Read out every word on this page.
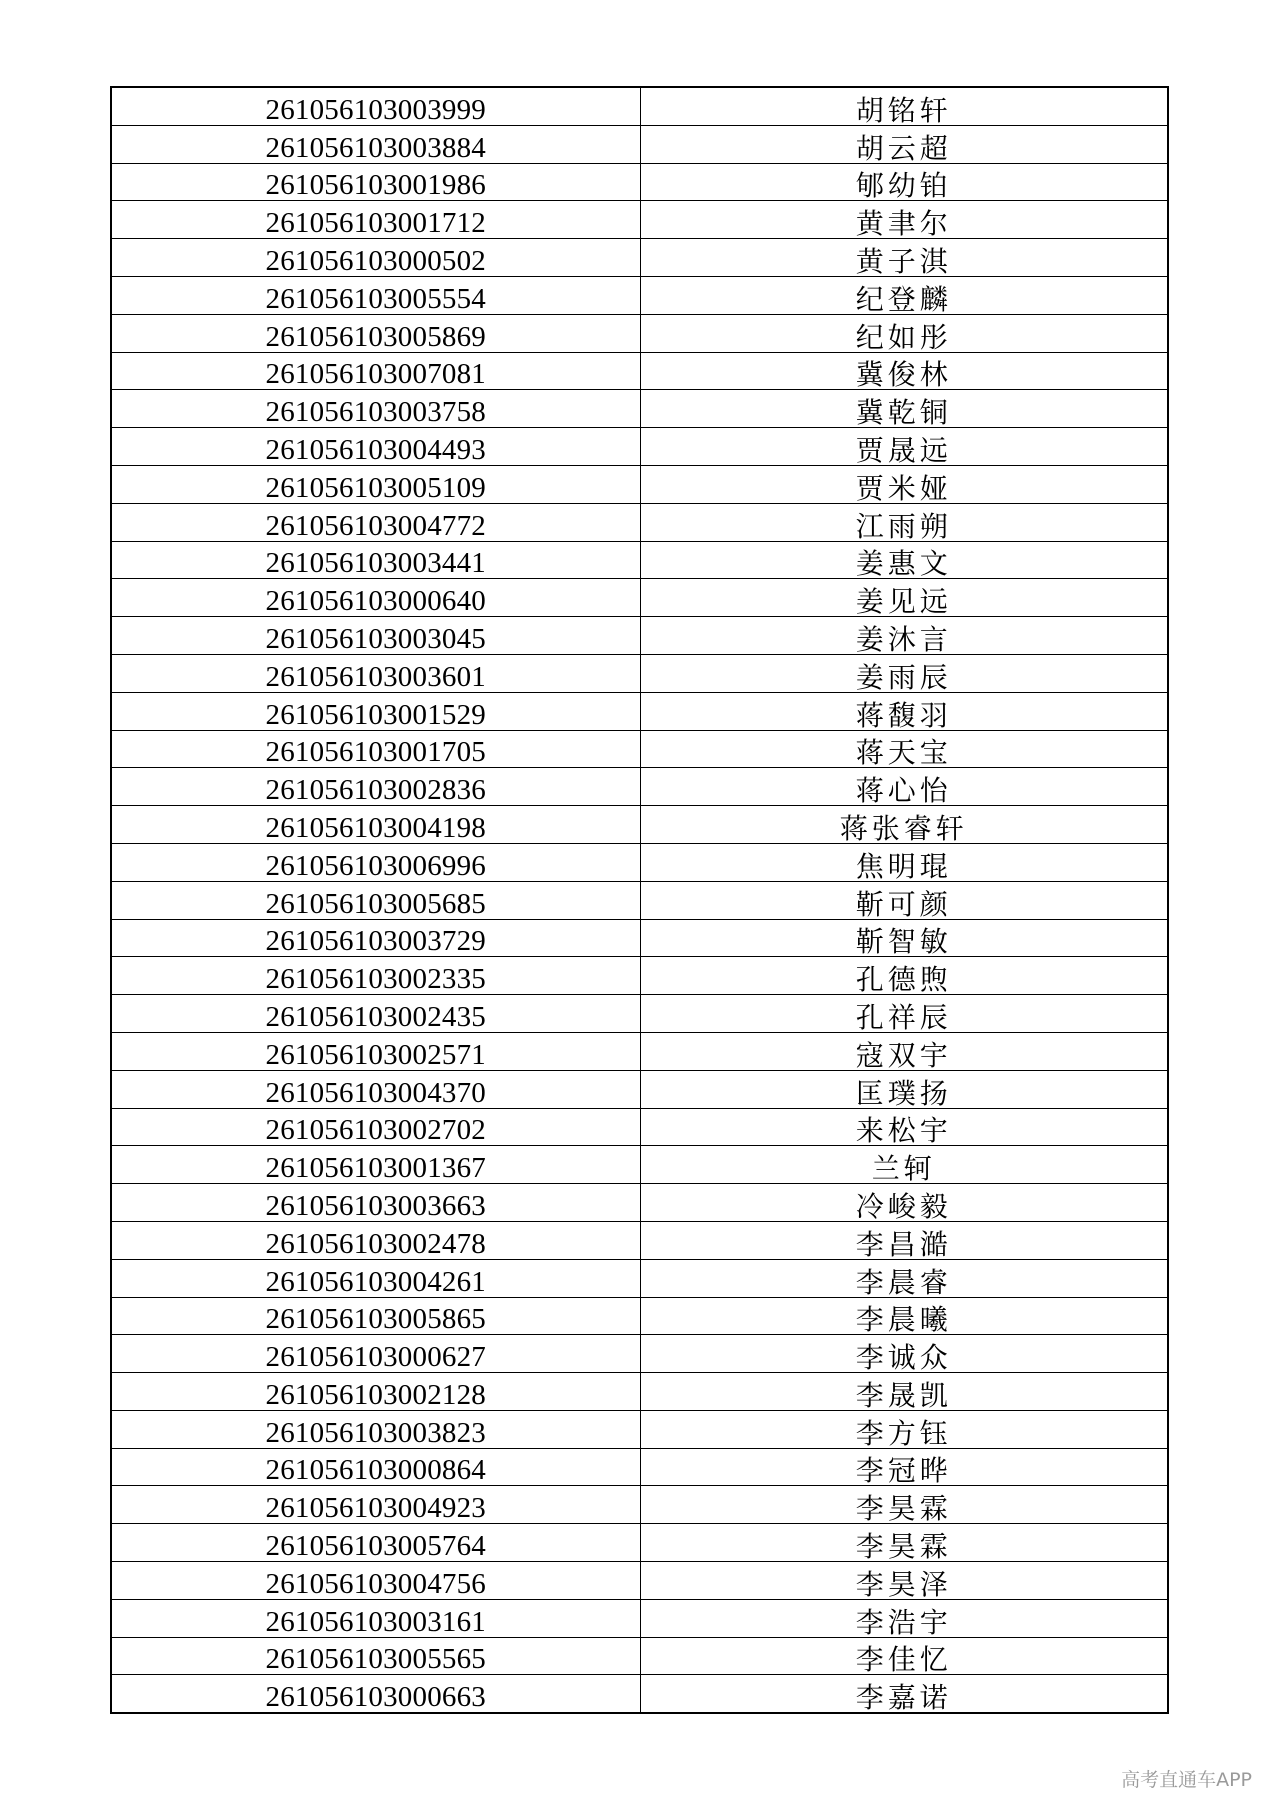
261056103003999	胡铭轩
261056103003884	胡云超
261056103001986	郇幼铂
261056103001712	黄聿尔
261056103000502	黄子淇
261056103005554	纪登麟
261056103005869	纪如彤
261056103007081	冀俊林
261056103003758	冀乾铜
261056103004493	贾晟远
261056103005109	贾米娅
261056103004772	江雨朔
261056103003441	姜惠文
261056103000640	姜见远
261056103003045	姜沐言
261056103003601	姜雨辰
261056103001529	蒋馥羽
261056103001705	蒋天宝
261056103002836	蒋心怡
261056103004198	蒋张睿轩
261056103006996	焦明琨
261056103005685	靳可颜
261056103003729	靳智敏
261056103002335	孔德煦
261056103002435	孔祥辰
261056103002571	寇双宇
261056103004370	匡璞扬
261056103002702	来松宇
261056103001367	兰轲
261056103003663	冷峻毅
261056103002478	李昌澔
261056103004261	李晨睿
261056103005865	李晨曦
261056103000627	李诚众
261056103002128	李晟凯
261056103003823	李方钰
261056103000864	李冠晔
261056103004923	李昊霖
261056103005764	李昊霖
261056103004756	李昊泽
261056103003161	李浩宇
261056103005565	李佳忆
261056103000663	李嘉诺
高考直通车APP
